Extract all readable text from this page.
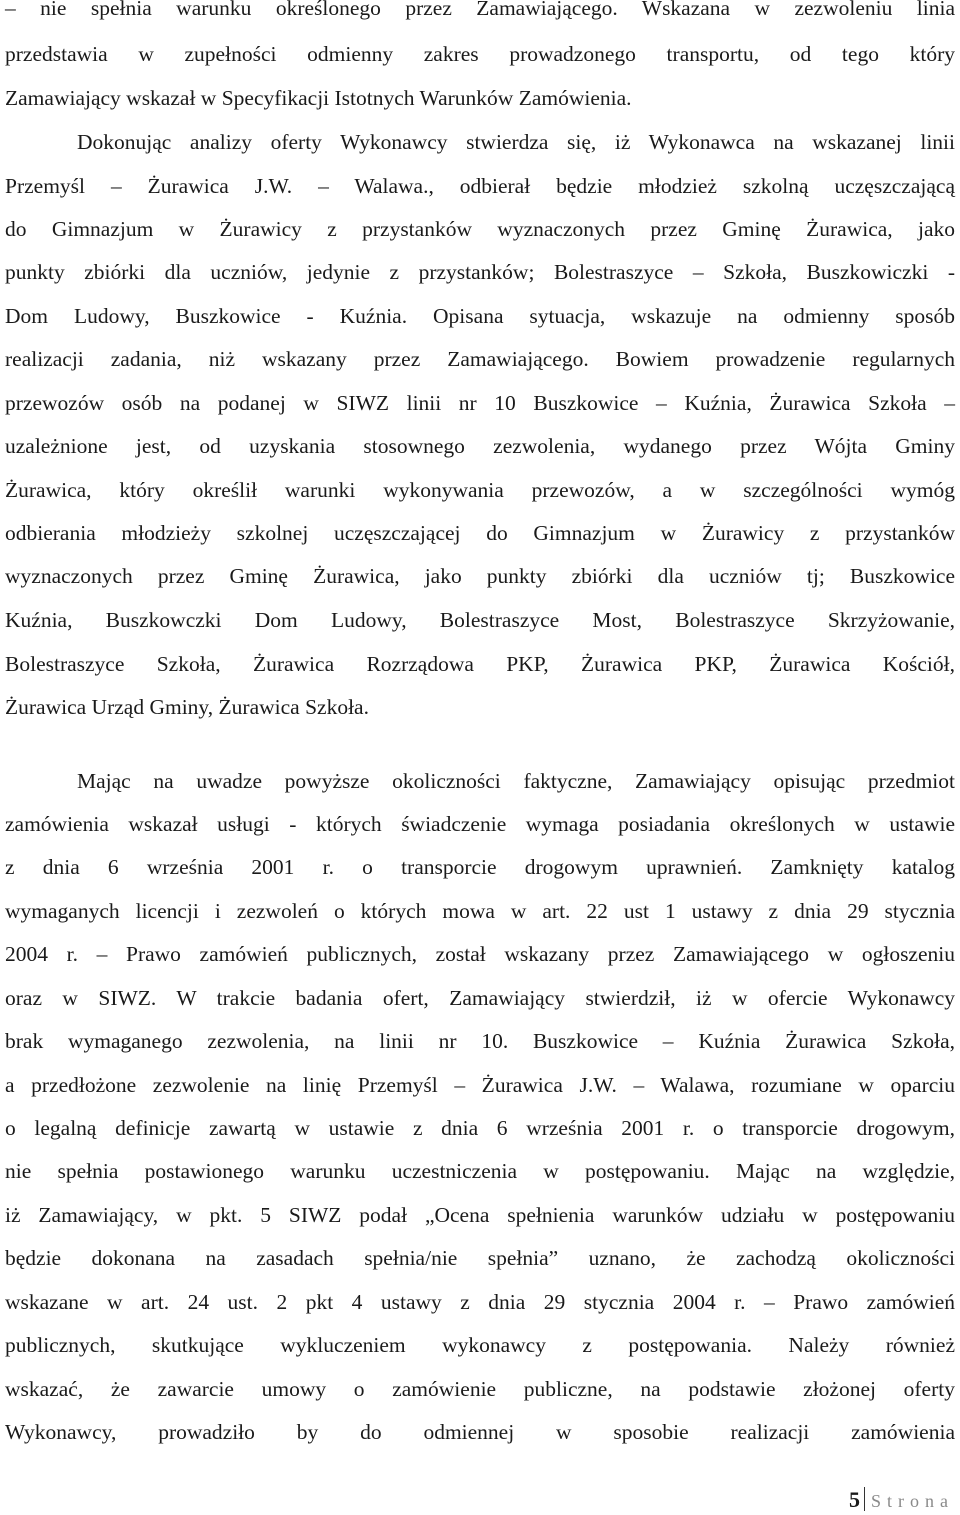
– nie spełnia warunku określonego przez Zamawiającego. Wskazana w zezwoleniu linia
przedstawia w zupełności odmienny zakres prowadzonego transportu, od tego który
Zamawiający wskazał w Specyfikacji Istotnych Warunków Zamówienia.
Dokonując analizy oferty Wykonawcy stwierdza się, iż Wykonawca na wskazanej linii
Przemyśl – Żurawica J.W. – Walawa., odbierał będzie młodzież szkolną uczęszczającą
do Gimnazjum w Żurawicy z przystanków wyznaczonych przez Gminę Żurawica, jako
punkty zbiórki dla uczniów, jedynie z przystanków; Bolestraszyce – Szkoła, Buszkowiczki -
Dom Ludowy, Buszkowice - Kuźnia. Opisana sytuacja, wskazuje na odmienny sposób
realizacji zadania, niż wskazany przez Zamawiającego. Bowiem prowadzenie regularnych
przewozów osób na podanej w SIWZ linii nr 10 Buszkowice – Kuźnia, Żurawica Szkoła –
uzależnione jest, od uzyskania stosownego zezwolenia, wydanego przez Wójta Gminy
Żurawica, który określił warunki wykonywania przewozów, a w szczególności wymóg
odbierania młodzieży szkolnej uczęszczającej do Gimnazjum w Żurawicy z przystanków
wyznaczonych przez Gminę Żurawica, jako punkty zbiórki dla uczniów tj; Buszkowice
Kuźnia, Buszkowczki Dom Ludowy, Bolestraszyce Most, Bolestraszyce Skrzyżowanie,
Bolestraszyce Szkoła, Żurawica Rozrządowa PKP, Żurawica PKP, Żurawica Kościół,
Żurawica Urząd Gminy, Żurawica Szkoła.
Mając na uwadze powyższe okoliczności faktyczne, Zamawiający opisując przedmiot
zamówienia wskazał usługi - których świadczenie wymaga posiadania określonych w ustawie
z dnia 6 września 2001 r. o transporcie drogowym uprawnień. Zamknięty katalog
wymaganych licencji i zezwoleń o których mowa w art. 22 ust 1 ustawy z dnia 29 stycznia
2004 r. – Prawo zamówień publicznych, został wskazany przez Zamawiającego w ogłoszeniu
oraz w SIWZ. W trakcie badania ofert, Zamawiający stwierdził, iż w ofercie Wykonawcy
brak wymaganego zezwolenia, na linii nr 10. Buszkowice – Kuźnia Żurawica Szkoła,
a przedłożone zezwolenie na linię Przemyśl – Żurawica J.W. – Walawa, rozumiane w oparciu
o legalną definicje zawartą w ustawie z dnia 6 września 2001 r. o transporcie drogowym,
nie spełnia postawionego warunku uczestniczenia w postępowaniu. Mając na względzie,
iż Zamawiający, w pkt. 5 SIWZ podał „Ocena spełnienia warunków udziału w postępowaniu
będzie dokonana na zasadach spełnia/nie spełnia” uznano, że zachodzą okoliczności
wskazane w art. 24 ust. 2 pkt 4 ustawy z dnia 29 stycznia 2004 r. – Prawo zamówień
publicznych, skutkujące wykluczeniem wykonawcy z postępowania. Należy również
wskazać, że zawarcie umowy o zamówienie publiczne, na podstawie złożonej oferty
Wykonawcy, prowadziło by do odmiennej w sposobie realizacji zamówienia
5 Strona
